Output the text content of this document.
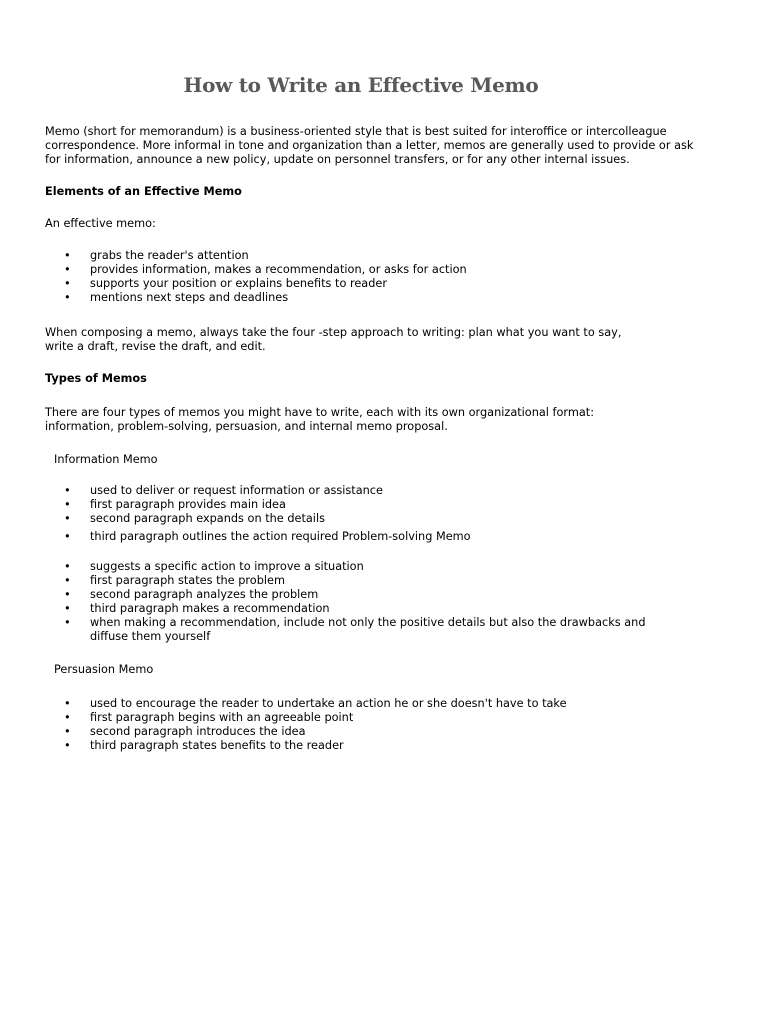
How to Write an Effective Memo

Memo (short for memorandum) is a business-oriented style that is best suited for interoffice or intercolleague correspondence. More informal in tone and organization than a letter, memos are generally used to provide or ask for information, announce a new policy, update on personnel transfers, or for any other internal issues.

Elements of an Effective Memo

An effective memo:

• grabs the reader's attention
• provides information, makes a recommendation, or asks for action
• supports your position or explains benefits to reader
• mentions next steps and deadlines

When composing a memo, always take the four -step approach to writing: plan what you want to say, write a draft, revise the draft, and edit.

Types of Memos

There are four types of memos you might have to write, each with its own organizational format: information, problem-solving, persuasion, and internal memo proposal.

Information Memo

• used to deliver or request information or assistance
• first paragraph provides main idea
• second paragraph expands on the details
• third paragraph outlines the action required Problem-solving Memo
• suggests a specific action to improve a situation
• first paragraph states the problem
• second paragraph analyzes the problem
• third paragraph makes a recommendation
• when making a recommendation, include not only the positive details but also the drawbacks and diffuse them yourself

Persuasion Memo

• used to encourage the reader to undertake an action he or she doesn't have to take
• first paragraph begins with an agreeable point
• second paragraph introduces the idea
• third paragraph states benefits to the reader
